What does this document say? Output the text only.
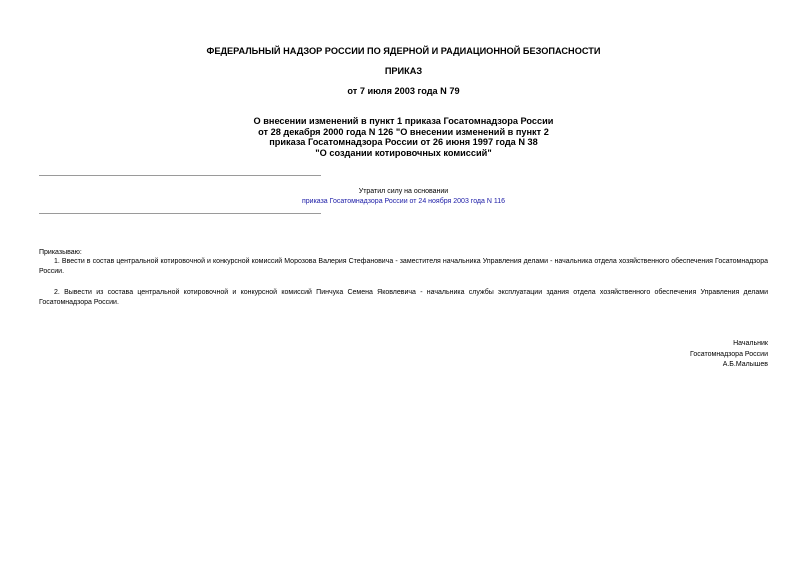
ФЕДЕРАЛЬНЫЙ НАДЗОР РОССИИ ПО ЯДЕРНОЙ И РАДИАЦИОННОЙ БЕЗОПАСНОСТИ
ПРИКАЗ
от 7 июля 2003 года N 79
О внесении изменений в пункт 1 приказа Госатомнадзора России
от 28 декабря 2000 года N 126 "О внесении изменений в пункт 2
приказа Госатомнадзора России от 26 июня 1997 года N 38
"О создании котировочных комиссий"
Утратил силу на основании
приказа Госатомнадзора России от 24 ноября 2003 года N 116
Приказываю:
1. Ввести в состав центральной котировочной и конкурсной комиссий Морозова Валерия Стефановича - заместителя начальника Управления делами - начальника отдела хозяйственного обеспечения Госатомнадзора России.
2. Вывести из состава центральной котировочной и конкурсной комиссий Пинчука Семена Яковлевича - начальника службы эксплуатации здания отдела хозяйственного обеспечения Управления делами Госатомнадзора России.
Начальник
Госатомнадзора России
А.Б.Малышев
